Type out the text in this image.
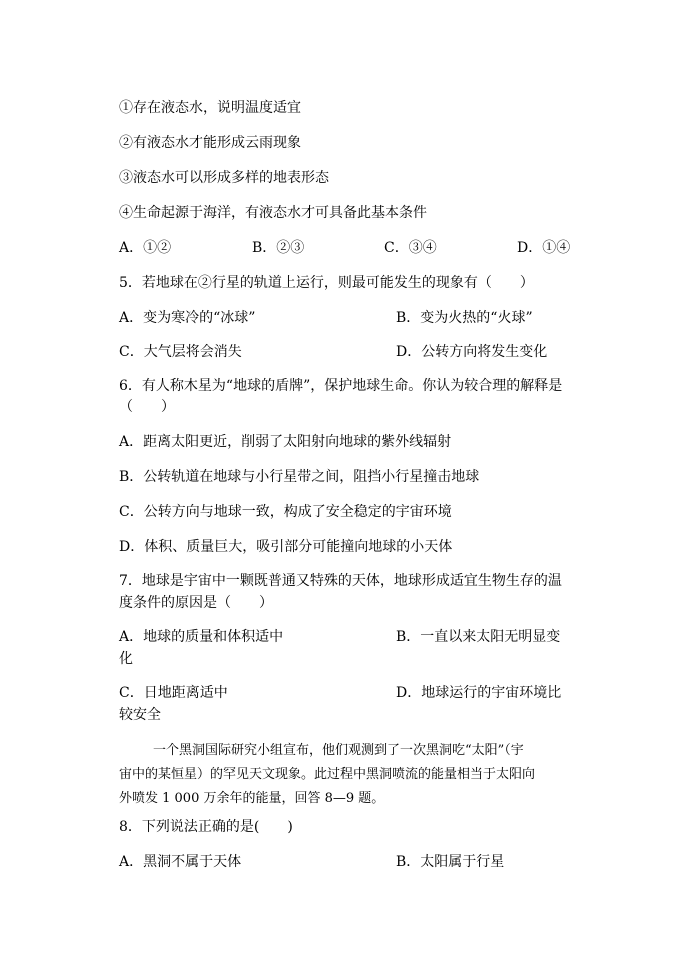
①存在液态水，说明温度适宜
②有液态水才能形成云雨现象
③液态水可以形成多样的地表形态
④生命起源于海洋，有液态水才可具备此基本条件
A．①②	B．②③	C．③④	D．①④
5．若地球在②行星的轨道上运行，则最可能发生的现象有（　　）
A．变为寒冷的“冰球”	B．变为火热的“火球”
C．大气层将会消失	D．公转方向将发生变化
6．有人称木星为“地球的盾牌”，保护地球生命。你认为较合理的解释是
（　　）
A．距离太阳更近，削弱了太阳射向地球的紫外线辐射
B．公转轨道在地球与小行星带之间，阻挡小行星撞击地球
C．公转方向与地球一致，构成了安全稳定的宇宙环境
D．体积、质量巨大，吸引部分可能撞向地球的小天体
7．地球是宇宙中一颗既普通又特殊的天体，地球形成适宜生物生存的温
度条件的原因是（　　）
A．地球的质量和体积适中	B．一直以来太阳无明显变
化
C．日地距离适中	D．地球运行的宇宙环境比
较安全
一个黑洞国际研究小组宣布，他们观测到了一次黑洞吃“太阳”（宇
宙中的某恒星）的罕见天文现象。此过程中黑洞喷流的能量相当于太阳向
外喷发 1 000 万余年的能量，回答 8—9 题。
8．下列说法正确的是(　　)
A．黑洞不属于天体	B．太阳属于行星
